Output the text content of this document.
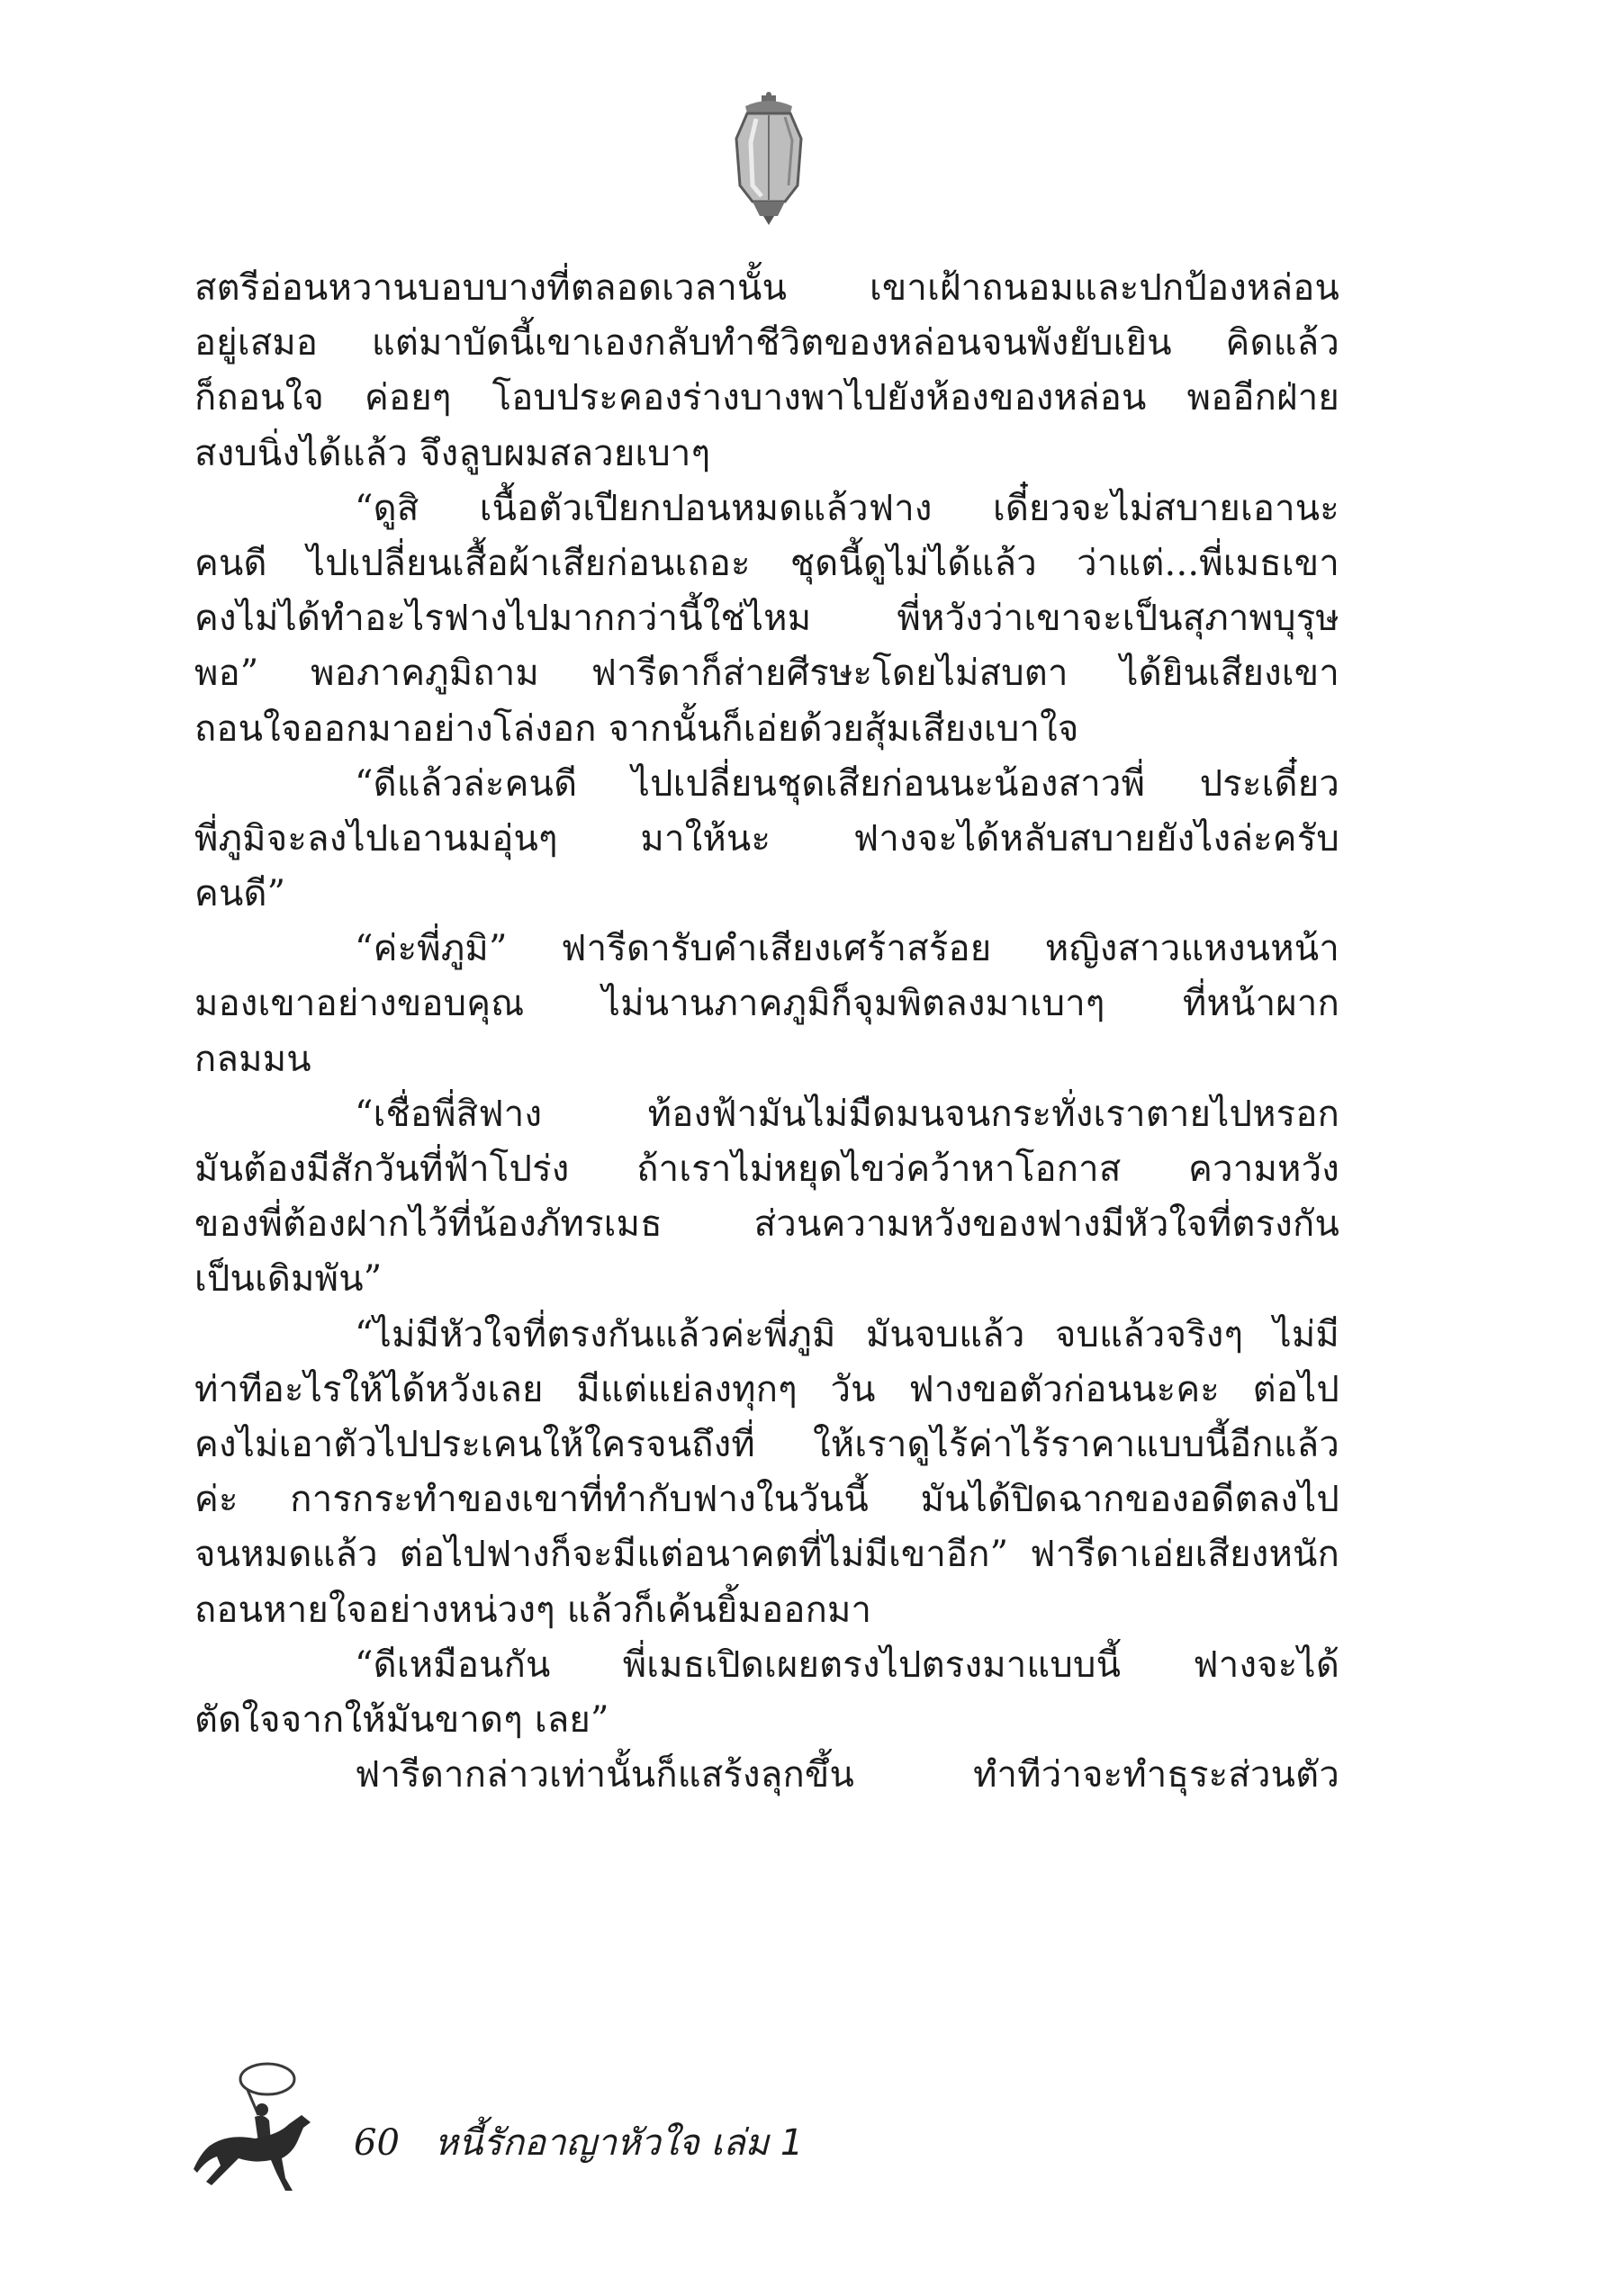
สตรีอ่อนหวานบอบบางที่ตลอดเวลานั้น เขาเฝ้าถนอมและปกป้องหล่อน
อยู่เสมอ แต่มาบัดนี้เขาเองกลับทำชีวิตของหล่อนจนพังยับเยิน คิดแล้ว
ก็ถอนใจ ค่อยๆ โอบประคองร่างบางพาไปยังห้องของหล่อน พออีกฝ่าย
สงบนิ่งได้แล้ว จึงลูบผมสลวยเบาๆ
“ดูสิ เนื้อตัวเปียกปอนหมดแล้วฟาง เดี๋ยวจะไม่สบายเอานะ
คนดี ไปเปลี่ยนเสื้อผ้าเสียก่อนเถอะ ชุดนี้ดูไม่ได้แล้ว ว่าแต่...พี่เมธเขา
คงไม่ได้ทำอะไรฟางไปมากกว่านี้ใช่ไหม พี่หวังว่าเขาจะเป็นสุภาพบุรุษ
พอ” พอภาคภูมิถาม ฟารีดาก็ส่ายศีรษะโดยไม่สบตา ได้ยินเสียงเขา
ถอนใจออกมาอย่างโล่งอก จากนั้นก็เอ่ยด้วยสุ้มเสียงเบาใจ
“ดีแล้วล่ะคนดี ไปเปลี่ยนชุดเสียก่อนนะน้องสาวพี่ ประเดี๋ยว
พี่ภูมิจะลงไปเอานมอุ่นๆ มาให้นะ ฟางจะได้หลับสบายยังไงล่ะครับ
คนดี”
“ค่ะพี่ภูมิ” ฟารีดารับคำเสียงเศร้าสร้อย หญิงสาวแหงนหน้า
มองเขาอย่างขอบคุณ ไม่นานภาคภูมิก็จุมพิตลงมาเบาๆ ที่หน้าผาก
กลมมน
“เชื่อพี่สิฟาง ท้องฟ้ามันไม่มืดมนจนกระทั่งเราตายไปหรอก
มันต้องมีสักวันที่ฟ้าโปร่ง ถ้าเราไม่หยุดไขว่คว้าหาโอกาส ความหวัง
ของพี่ต้องฝากไว้ที่น้องภัทรเมธ ส่วนความหวังของฟางมีหัวใจที่ตรงกัน
เป็นเดิมพัน”
“ไม่มีหัวใจที่ตรงกันแล้วค่ะพี่ภูมิ มันจบแล้ว จบแล้วจริงๆ ไม่มี
ท่าทีอะไรให้ได้หวังเลย มีแต่แย่ลงทุกๆ วัน ฟางขอตัวก่อนนะคะ ต่อไป
คงไม่เอาตัวไปประเคนให้ใครจนถึงที่ ให้เราดูไร้ค่าไร้ราคาแบบนี้อีกแล้ว
ค่ะ การกระทำของเขาที่ทำกับฟางในวันนี้ มันได้ปิดฉากของอดีตลงไป
จนหมดแล้ว ต่อไปฟางก็จะมีแต่อนาคตที่ไม่มีเขาอีก” ฟารีดาเอ่ยเสียงหนัก
ถอนหายใจอย่างหน่วงๆ แล้วก็เค้นยิ้มออกมา
“ดีเหมือนกัน พี่เมธเปิดเผยตรงไปตรงมาแบบนี้ ฟางจะได้
ตัดใจจากให้มันขาดๆ เลย”
ฟารีดากล่าวเท่านั้นก็แสร้งลุกขึ้น ทำทีว่าจะทำธุระส่วนตัว
60 หนี้รักอาญาหัวใจ เล่ม 1
